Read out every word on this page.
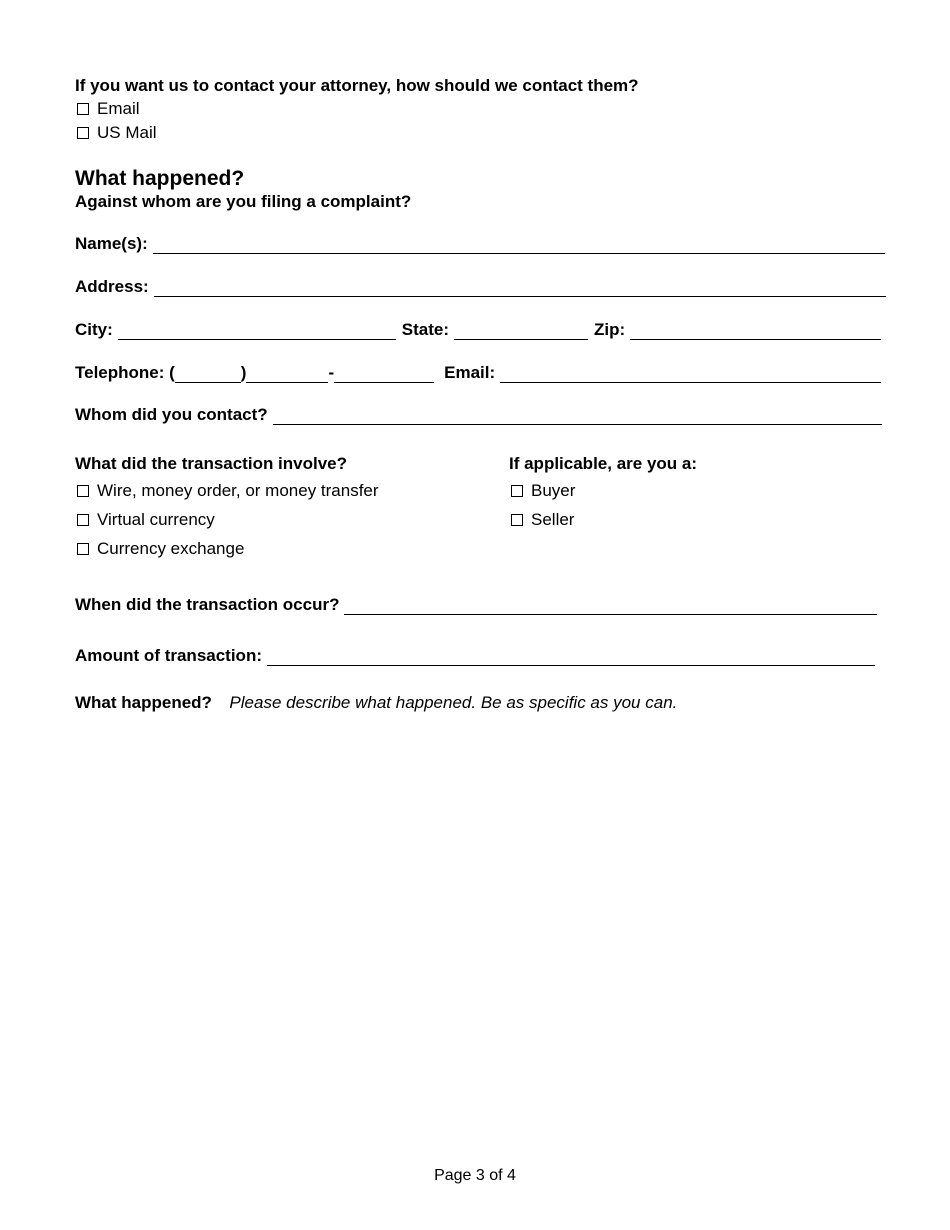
If you want us to contact your attorney, how should we contact them?
Email
US Mail
What happened?
Against whom are you filing a complaint?
Name(s):
Address:
City:	State:	Zip:
Telephone: (	)	-	Email:
Whom did you contact?
What did the transaction involve?
Wire, money order, or money transfer
Virtual currency
Currency exchange
If applicable, are you a:
Buyer
Seller
When did the transaction occur?
Amount of transaction:
What happened? Please describe what happened. Be as specific as you can.
Page 3 of 4
